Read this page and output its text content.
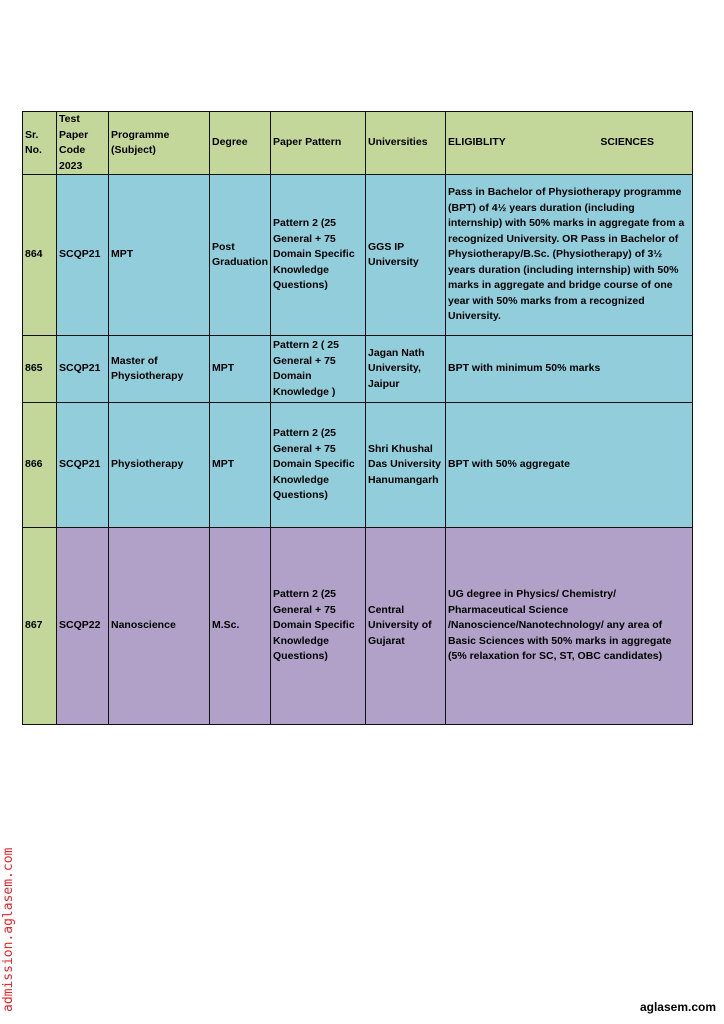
Sr. No.	Test Paper Code 2023	Programme (Subject)	Degree	Paper Pattern	Universities	ELIGIBLITY SCIENCES

864	SCQP21	MPT	Post Graduation	Pattern 2 (25 General + 75 Domain Specific Knowledge Questions)	GGS IP University	Pass in Bachelor of Physiotherapy programme (BPT) of 4½ years duration (including internship) with 50% marks in aggregate from a recognized University. OR Pass in Bachelor of Physiotherapy/B.Sc. (Physiotherapy) of 3½ years duration (including internship) with 50% marks in aggregate and bridge course of one year with 50% marks from a recognized University.
865	SCQP21	Master of Physiotherapy	MPT	Pattern 2 ( 25 General + 75 Domain Knowledge )	Jagan Nath University, Jaipur	BPT with minimum 50% marks
866	SCQP21	Physiotherapy	MPT	Pattern 2 (25 General + 75 Domain Specific Knowledge Questions)	Shri Khushal Das University Hanumangarh	BPT with 50% aggregate
867	SCQP22	Nanoscience	M.Sc.	Pattern 2 (25 General + 75 Domain Specific Knowledge Questions)	Central University of Gujarat	UG degree in Physics/ Chemistry/ Pharmaceutical Science /Nanoscience/Nanotechnology/ any area of Basic Sciences with 50% marks in aggregate (5% relaxation for SC, ST, OBC candidates)
admission.aglasem.com	aglasem.com
